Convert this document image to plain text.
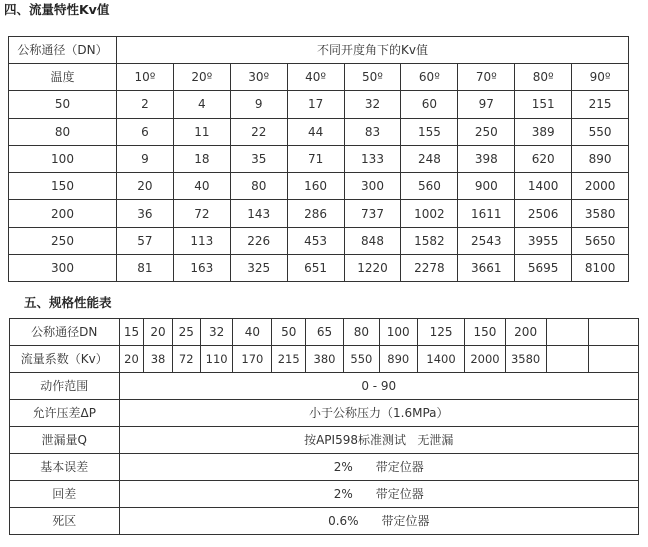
四、流量特性Kv值
公称通径（DN）	不同开度角下的Kv值								
温度	10º	20º	30º	40º	50º	60º	70º	80º	90º
50	2	4	9	17	32	60	97	151	215
80	6	11	22	44	83	155	250	389	550
100	9	18	35	71	133	248	398	620	890
150	20	40	80	160	300	560	900	1400	2000
200	36	72	143	286	737	1002	1611	2506	3580
250	57	113	226	453	848	1582	2543	3955	5650
300	81	163	325	651	1220	2278	3661	5695	8100
五、规格性能表
公称通径DN	15	20	25	32	40	50	65	80	100	125	150	200		
流量系数（Kv）	20	38	72	110	170	215	380	550	890	1400	2000	3580		
动作范围	0 - 90													
允许压差ΔP	小于公称压力（1.6MPa）													
泄漏量Q	按API598标准测试   无泄漏													
基本误差	2%      带定位器													
回差	2%      带定位器													
死区	0.6%      带定位器													
